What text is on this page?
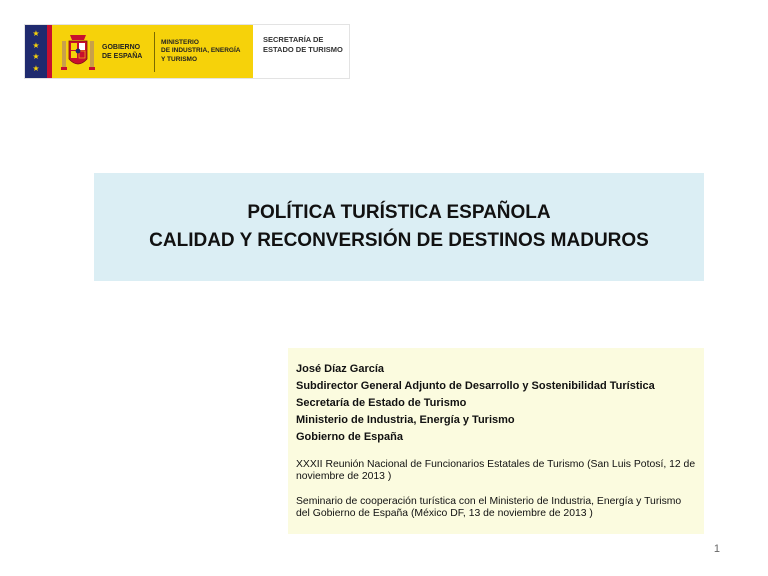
★
★
★
★
GOBIERNO
DE ESPAÑA
MINISTERIO
DE INDUSTRIA, ENERGÍA
Y TURISMO
SECRETARÍA DE
ESTADO DE TURISMO
POLÍTICA TURÍSTICA ESPAÑOLA
CALIDAD Y RECONVERSIÓN DE DESTINOS MADUROS
José Díaz García
Subdirector General Adjunto de Desarrollo y Sostenibilidad Turística
Secretaría de Estado de Turismo
Ministerio de Industria, Energía y Turismo
Gobierno de España
XXXII Reunión Nacional de Funcionarios Estatales de Turismo (San Luis Potosí, 12 de noviembre de 2013 )
Seminario de cooperación turística con el Ministerio de Industria, Energía y Turismo del Gobierno de España (México DF, 13 de noviembre de 2013 )
1
